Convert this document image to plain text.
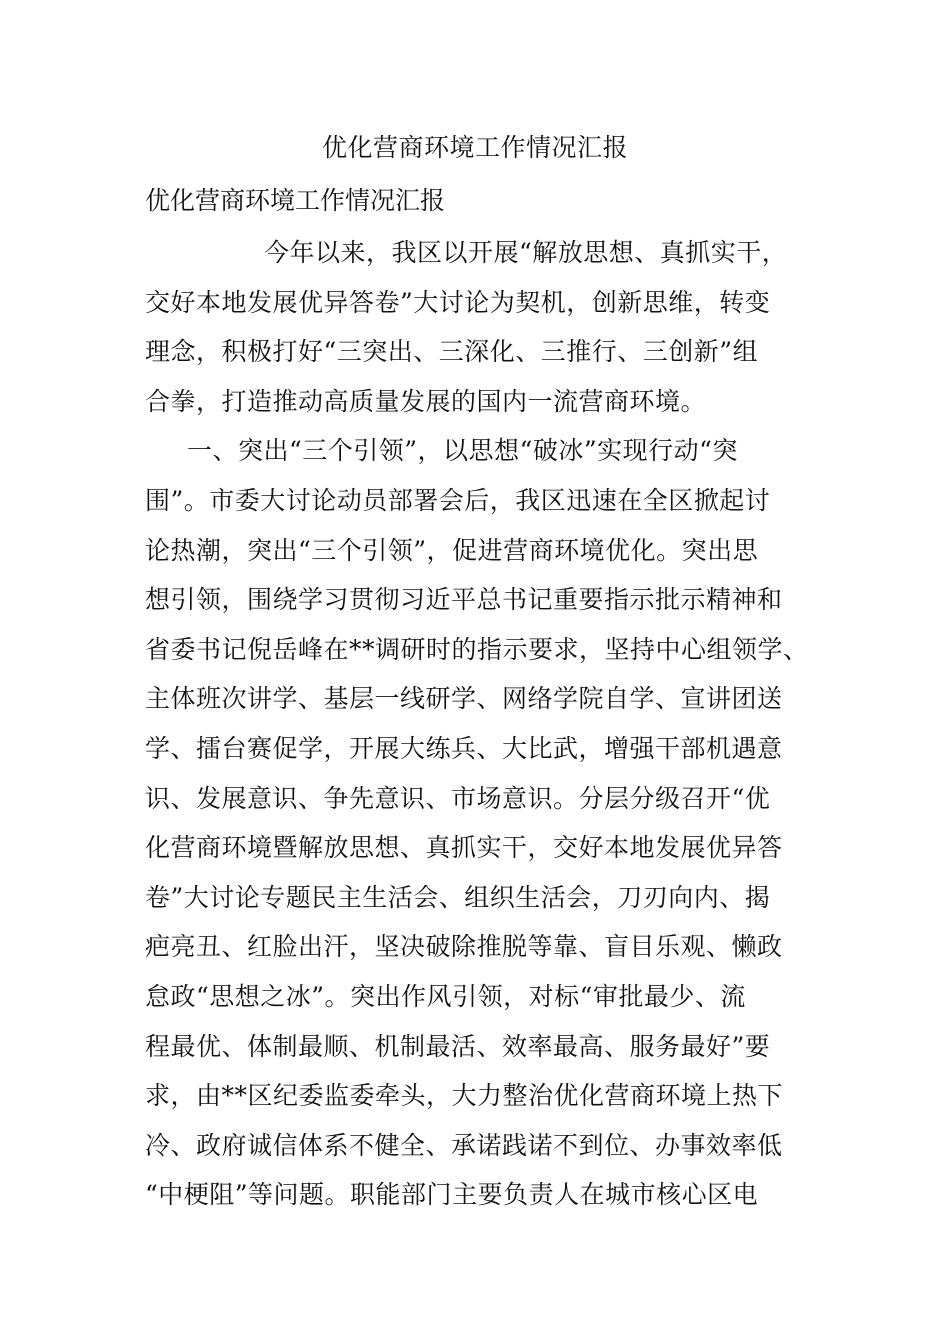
优化营商环境工作情况汇报
优化营商环境工作情况汇报
今年以来，我区以开展“解放思想、真抓实干，
交好本地发展优异答卷”大讨论为契机，创新思维，转变
理念，积极打好“三突出、三深化、三推行、三创新”组
合拳，打造推动高质量发展的国内一流营商环境。
一、突出“三个引领”，以思想“破冰”实现行动“突
围”。市委大讨论动员部署会后，我区迅速在全区掀起讨
论热潮，突出“三个引领”，促进营商环境优化。突出思
想引领，围绕学习贯彻习近平总书记重要指示批示精神和
省委书记倪岳峰在**调研时的指示要求，坚持中心组领学、
主体班次讲学、基层一线研学、网络学院自学、宣讲团送
学、擂台赛促学，开展大练兵、大比武，增强干部机遇意
识、发展意识、争先意识、市场意识。分层分级召开“优
化营商环境暨解放思想、真抓实干，交好本地发展优异答
卷”大讨论专题民主生活会、组织生活会，刀刃向内、揭
疤亮丑、红脸出汗，坚决破除推脱等靠、盲目乐观、懒政
怠政“思想之冰”。突出作风引领，对标“审批最少、流
程最优、体制最顺、机制最活、效率最高、服务最好”要
求，由**区纪委监委牵头，大力整治优化营商环境上热下
冷、政府诚信体系不健全、承诺践诺不到位、办事效率低
“中梗阻”等问题。职能部门主要负责人在城市核心区电
